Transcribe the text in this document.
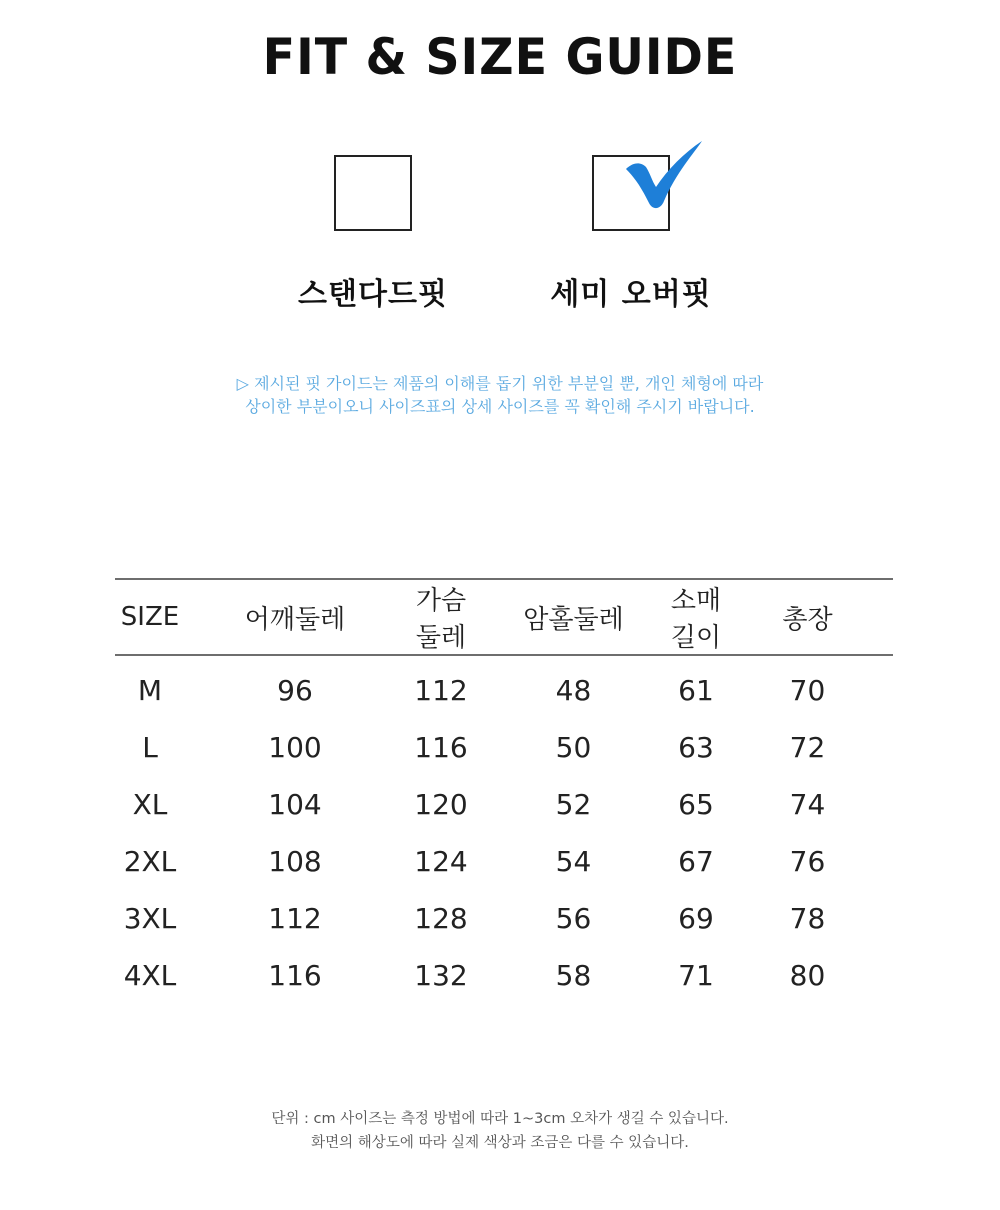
FIT & SIZE GUIDE
스탠다드핏	세미 오버핏

▷ 제시된 핏 가이드는 제품의 이해를 돕기 위한 부분일 뿐, 개인 체형에 따라

상이한 부분이오니 사이즈표의 상세 사이즈를 꼭 확인해 주시기 바랍니다.

SIZE	어깨둘레	가슴둘레	암홀둘레	소매길이	총장
M	96	112	48	61	70
L	100	116	50	63	72
XL	104	120	52	65	74
2XL	108	124	54	67	76
3XL	112	128	56	69	78
4XL	116	132	58	71	80

단위 : cm 사이즈는 측정 방법에 따라 1~3cm 오차가 생길 수 있습니다.

화면의 해상도에 따라 실제 색상과 조금은 다를 수 있습니다.
